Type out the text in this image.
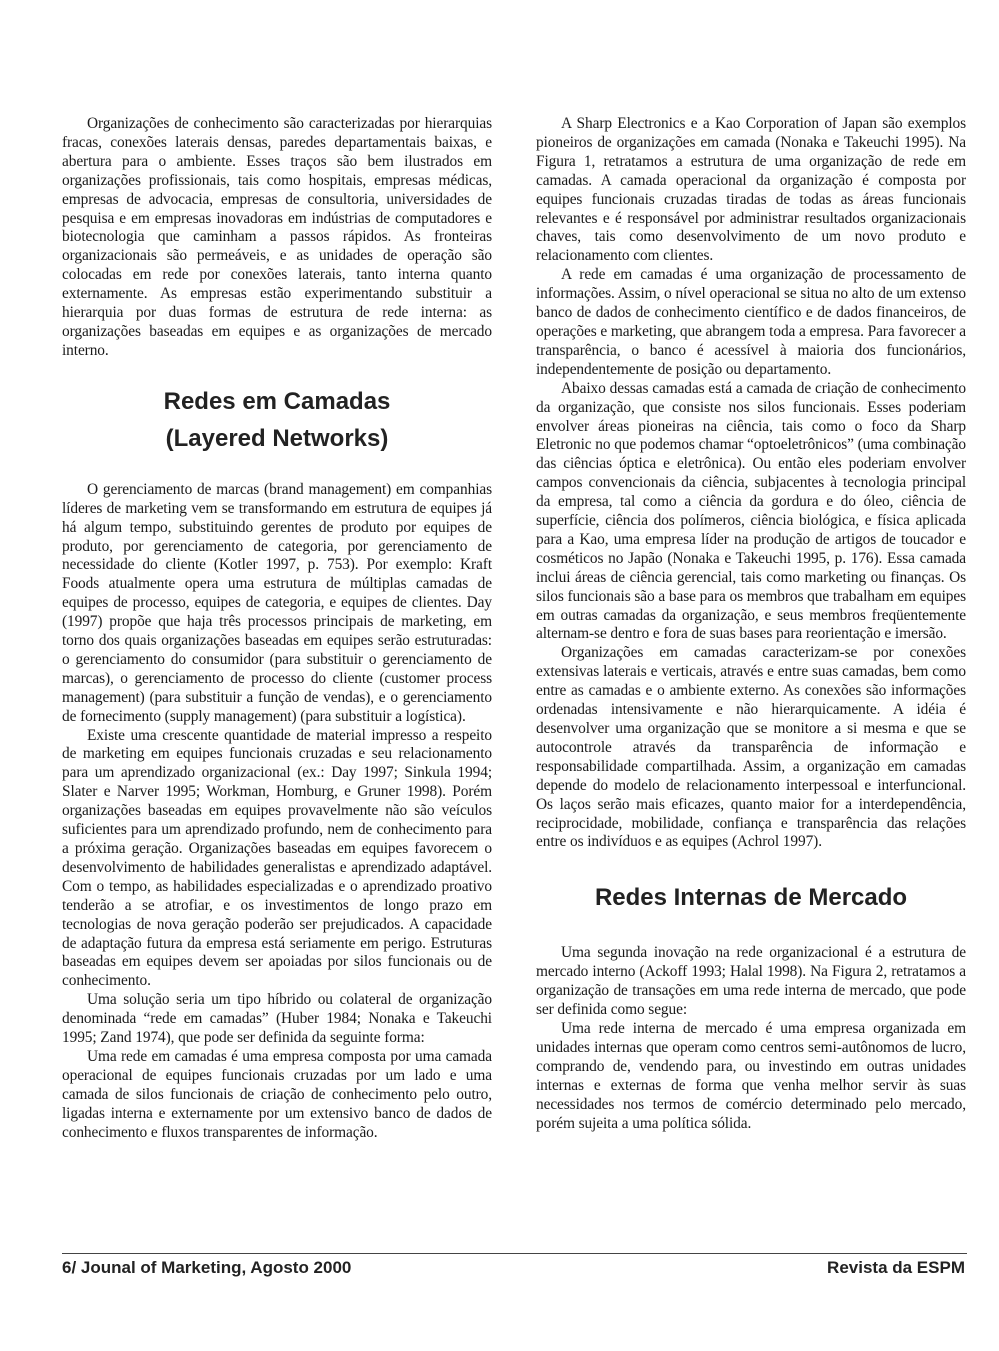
Organizações de conhecimento são caracterizadas por hierarquias fracas, conexões laterais densas, paredes departamentais baixas, e abertura para o ambiente. Esses traços são bem ilustrados em organizações profissionais, tais como hospitais, empresas médicas, empresas de advocacia, empresas de consultoria, universidades de pesquisa e em empresas inovadoras em indústrias de computadores e biotecnologia que caminham a passos rápidos. As fronteiras organizacionais são permeáveis, e as unidades de operação são colocadas em rede por conexões laterais, tanto interna quanto externamente. As empresas estão experimentando substituir a hierarquia por duas formas de estrutura de rede interna: as organizações baseadas em equipes e as organizações de mercado interno.

Redes em Camadas
(Layered Networks)

O gerenciamento de marcas (brand management) em companhias líderes de marketing vem se transformando em estrutura de equipes já há algum tempo, substituindo gerentes de produto por equipes de produto, por gerenciamento de categoria, por gerenciamento de necessidade do cliente (Kotler 1997, p. 753). Por exemplo: Kraft Foods atualmente opera uma estrutura de múltiplas camadas de equipes de processo, equipes de categoria, e equipes de clientes. Day (1997) propõe que haja três processos principais de marketing, em torno dos quais organizações baseadas em equipes serão estruturadas: o gerenciamento do consumidor (para substituir o gerenciamento de marcas), o gerenciamento de processo do cliente (customer process management) (para substituir a função de vendas), e o gerenciamento de fornecimento (supply management) (para substituir a logística).

Existe uma crescente quantidade de material impresso a respeito de marketing em equipes funcionais cruzadas e seu relacionamento para um aprendizado organizacional (ex.: Day 1997; Sinkula 1994; Slater e Narver 1995; Workman, Homburg, e Gruner 1998). Porém organizações baseadas em equipes provavelmente não são veículos suficientes para um aprendizado profundo, nem de conhecimento para a próxima geração. Organizações baseadas em equipes favorecem o desenvolvimento de habilidades generalistas e aprendizado adaptável. Com o tempo, as habilidades especializadas e o aprendizado proativo tenderão a se atrofiar, e os investimentos de longo prazo em tecnologias de nova geração poderão ser prejudicados. A capacidade de adaptação futura da empresa está seriamente em perigo. Estruturas baseadas em equipes devem ser apoiadas por silos funcionais ou de conhecimento.

Uma solução seria um tipo híbrido ou colateral de organização denominada “rede em camadas” (Huber 1984; Nonaka e Takeuchi 1995; Zand 1974), que pode ser definida da seguinte forma:

Uma rede em camadas é uma empresa composta por uma camada operacional de equipes funcionais cruzadas por um lado e uma camada de silos funcionais de criação de conhecimento pelo outro, ligadas interna e externamente por um extensivo banco de dados de conhecimento e fluxos transparentes de informação.

A Sharp Electronics e a Kao Corporation of Japan são exemplos pioneiros de organizações em camada (Nonaka e Takeuchi 1995). Na Figura 1, retratamos a estrutura de uma organização de rede em camadas. A camada operacional da organização é composta por equipes funcionais cruzadas tiradas de todas as áreas funcionais relevantes e é responsável por administrar resultados organizacionais chaves, tais como desenvolvimento de um novo produto e relacionamento com clientes.

A rede em camadas é uma organização de processamento de informações. Assim, o nível operacional se situa no alto de um extenso banco de dados de conhecimento científico e de dados financeiros, de operações e marketing, que abrangem toda a empresa. Para favorecer a transparência, o banco é acessível à maioria dos funcionários, independentemente de posição ou departamento.

Abaixo dessas camadas está a camada de criação de conhecimento da organização, que consiste nos silos funcionais. Esses poderiam envolver áreas pioneiras na ciência, tais como o foco da Sharp Eletronic no que podemos chamar “optoeletrônicos” (uma combinação das ciências óptica e eletrônica). Ou então eles poderiam envolver campos convencionais da ciência, subjacentes à tecnologia principal da empresa, tal como a ciência da gordura e do óleo, ciência de superfície, ciência dos polímeros, ciência biológica, e física aplicada para a Kao, uma empresa líder na produção de artigos de toucador e cosméticos no Japão (Nonaka e Takeuchi 1995, p. 176). Essa camada inclui áreas de ciência gerencial, tais como marketing ou finanças. Os silos funcionais são a base para os membros que trabalham em equipes em outras camadas da organização, e seus membros freqüentemente alternam-se dentro e fora de suas bases para reorientação e imersão.

Organizações em camadas caracterizam-se por conexões extensivas laterais e verticais, através e entre suas camadas, bem como entre as camadas e o ambiente externo. As conexões são informações ordenadas intensivamente e não hierarquicamente. A idéia é desenvolver uma organização que se monitore a si mesma e que se autocontrole através da transparência de informação e responsabilidade compartilhada. Assim, a organização em camadas depende do modelo de relacionamento interpessoal e interfuncional. Os laços serão mais eficazes, quanto maior for a interdependência, reciprocidade, mobilidade, confiança e transparência das relações entre os indivíduos e as equipes (Achrol 1997).

Redes Internas de Mercado

Uma segunda inovação na rede organizacional é a estrutura de mercado interno (Ackoff 1993; Halal 1998). Na Figura 2, retratamos a organização de transações em uma rede interna de mercado, que pode ser definida como segue:

Uma rede interna de mercado é uma empresa organizada em unidades internas que operam como centros semi-autônomos de lucro, comprando de, vendendo para, ou investindo em outras unidades internas e externas de forma que venha melhor servir às suas necessidades nos termos de comércio determinado pelo mercado, porém sujeita a uma política sólida.

6/ Jounal of Marketing, Agosto 2000	Revista da ESPM
